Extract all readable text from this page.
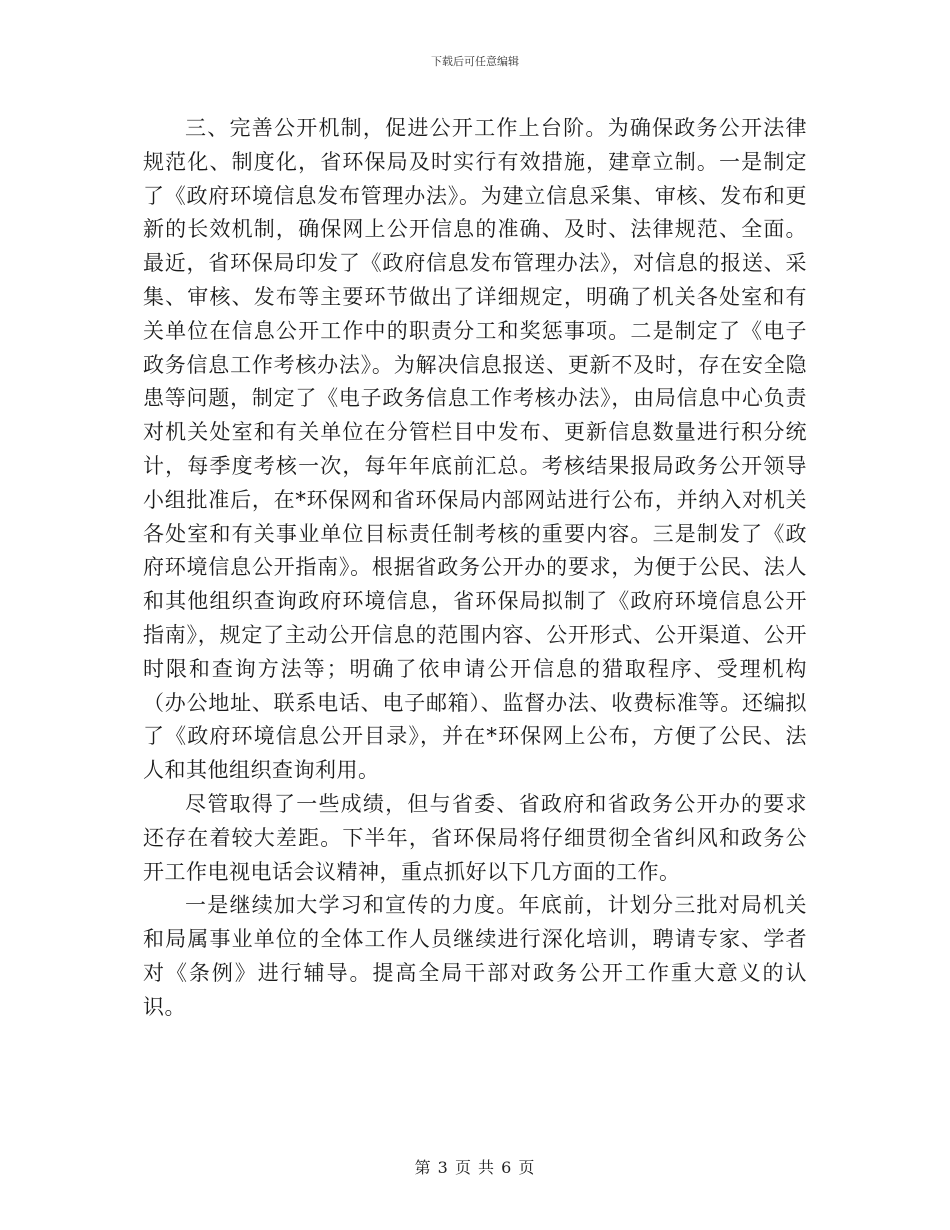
下载后可任意编辑

三、完善公开机制，促进公开工作上台阶。为确保政务公开法律规范化、制度化，省环保局及时实行有效措施，建章立制。一是制定了《政府环境信息发布管理办法》。为建立信息采集、审核、发布和更新的长效机制，确保网上公开信息的准确、及时、法律规范、全面。最近，省环保局印发了《政府信息发布管理办法》，对信息的报送、采集、审核、发布等主要环节做出了详细规定，明确了机关各处室和有关单位在信息公开工作中的职责分工和奖惩事项。二是制定了《电子政务信息工作考核办法》。为解决信息报送、更新不及时，存在安全隐患等问题，制定了《电子政务信息工作考核办法》，由局信息中心负责对机关处室和有关单位在分管栏目中发布、更新信息数量进行积分统计，每季度考核一次，每年年底前汇总。考核结果报局政务公开领导小组批准后，在*环保网和省环保局内部网站进行公布，并纳入对机关各处室和有关事业单位目标责任制考核的重要内容。三是制发了《政府环境信息公开指南》。根据省政务公开办的要求，为便于公民、法人和其他组织查询政府环境信息，省环保局拟制了《政府环境信息公开指南》，规定了主动公开信息的范围内容、公开形式、公开渠道、公开时限和查询方法等；明确了依申请公开信息的猎取程序、受理机构（办公地址、联系电话、电子邮箱）、监督办法、收费标准等。还编拟了《政府环境信息公开目录》，并在*环保网上公布，方便了公民、法人和其他组织查询利用。

尽管取得了一些成绩，但与省委、省政府和省政务公开办的要求还存在着较大差距。下半年，省环保局将仔细贯彻全省纠风和政务公开工作电视电话会议精神，重点抓好以下几方面的工作。

一是继续加大学习和宣传的力度。年底前，计划分三批对局机关和局属事业单位的全体工作人员继续进行深化培训，聘请专家、学者对《条例》进行辅导。提高全局干部对政务公开工作重大意义的认识。

第 3 页 共 6 页
